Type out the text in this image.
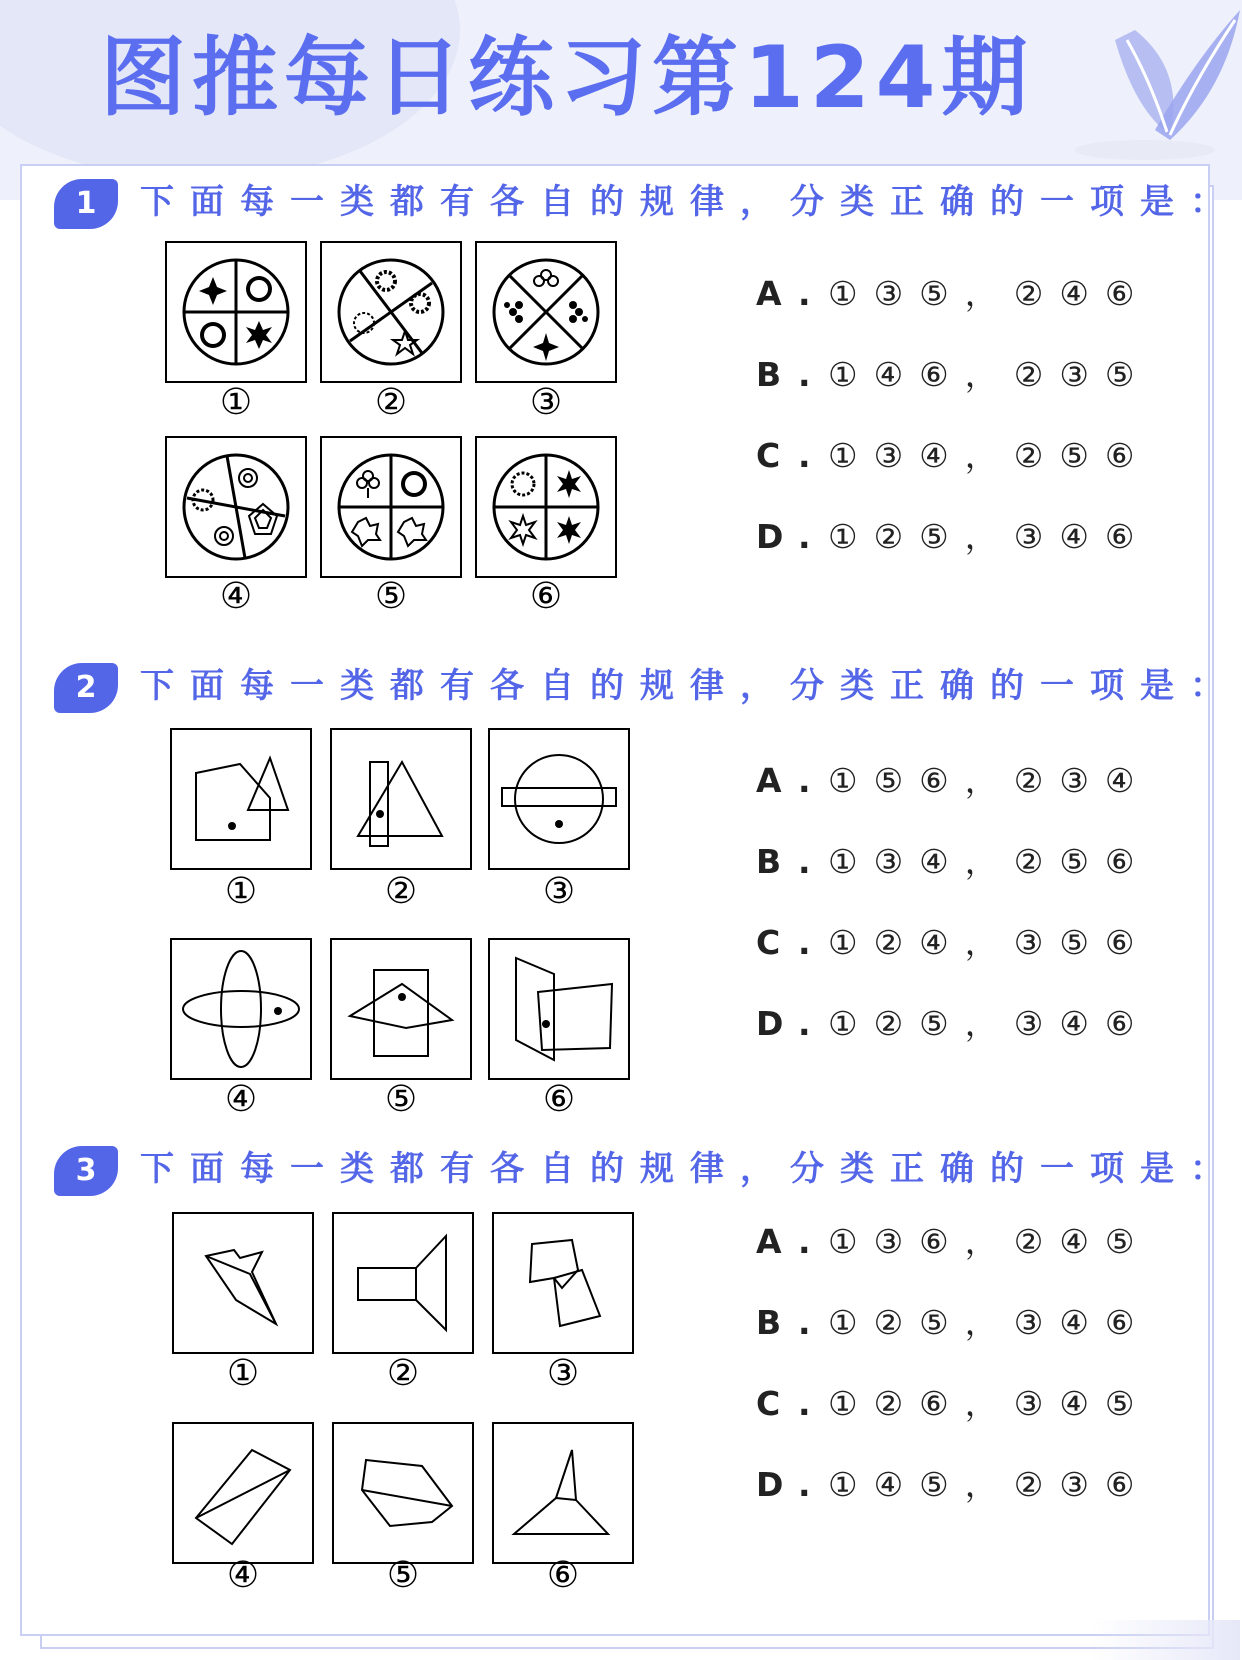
图推每日练习第124期
1	下面每一类都有各自的规律，分类正确的一项是：

①	②	③
④	⑤	⑥
A . ①③⑤，②④⑥
B . ①④⑥，②③⑤
C . ①③④，②⑤⑥
D . ①②⑤，③④⑥
2	下面每一类都有各自的规律，分类正确的一项是：

①	②	③
④	⑤	⑥
A . ①⑤⑥，②③④
B . ①③④，②⑤⑥
C . ①②④，③⑤⑥
D . ①②⑤，③④⑥
3	下面每一类都有各自的规律，分类正确的一项是：

①	②	③
④	⑤	⑥
A . ①③⑥，②④⑤
B . ①②⑤，③④⑥
C . ①②⑥，③④⑤
D . ①④⑤，②③⑥
